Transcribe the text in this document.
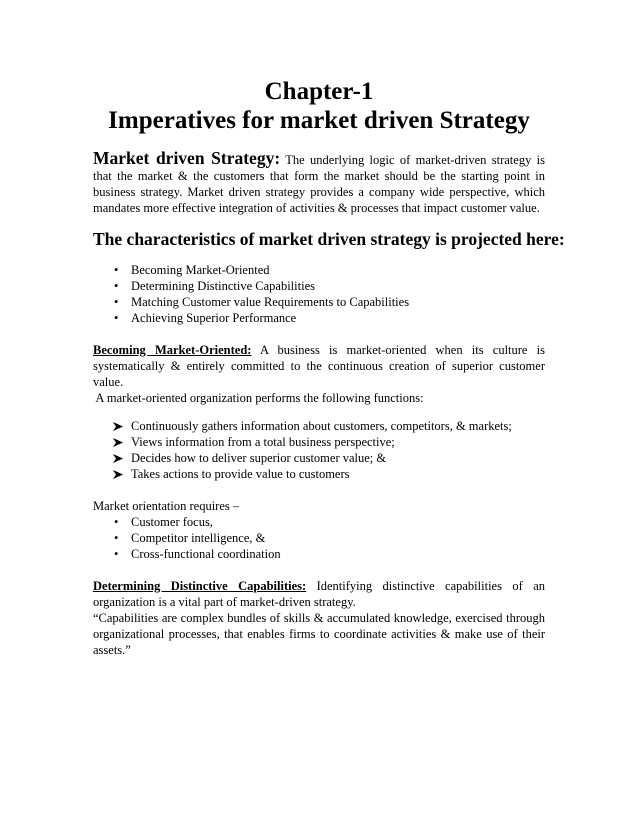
Chapter-1
Imperatives for market driven Strategy

Market driven Strategy: The underlying logic of market-driven strategy is that the market & the customers that form the market should be the starting point in business strategy. Market driven strategy provides a company wide perspective, which mandates more effective integration of activities & processes that impact customer value.

The characteristics of market driven strategy is projected here:
• Becoming Market-Oriented
• Determining Distinctive Capabilities
• Matching Customer value Requirements to Capabilities
• Achieving Superior Performance

Becoming Market-Oriented: A business is market-oriented when its culture is systematically & entirely committed to the continuous creation of superior customer value.

A market-oriented organization performs the following functions:

Continuously gathers information about customers, competitors, & markets;
Views information from a total business perspective;
Decides how to deliver superior customer value; &
Takes actions to provide value to customers

Market orientation requires –

• Customer focus,
• Competitor intelligence, &
• Cross-functional coordination

Determining Distinctive Capabilities: Identifying distinctive capabilities of an organization is a vital part of market-driven strategy.

“Capabilities are complex bundles of skills & accumulated knowledge, exercised through organizational processes, that enables firms to coordinate activities & make use of their assets.”
